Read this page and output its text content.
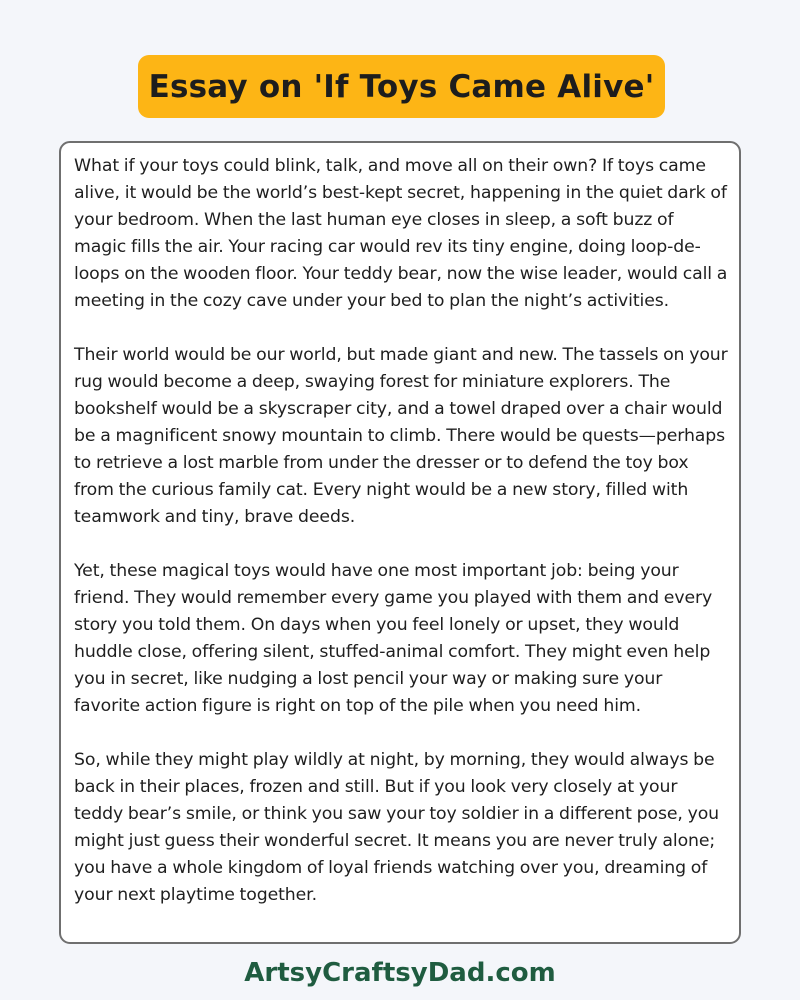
Essay on 'If Toys Came Alive'

What if your toys could blink, talk, and move all on their own? If toys came alive, it would be the world’s best-kept secret, happening in the quiet dark of your bedroom. When the last human eye closes in sleep, a soft buzz of magic fills the air. Your racing car would rev its tiny engine, doing loop-de-loops on the wooden floor. Your teddy bear, now the wise leader, would call a meeting in the cozy cave under your bed to plan the night’s activities.

Their world would be our world, but made giant and new. The tassels on your rug would become a deep, swaying forest for miniature explorers. The bookshelf would be a skyscraper city, and a towel draped over a chair would be a magnificent snowy mountain to climb. There would be quests—perhaps to retrieve a lost marble from under the dresser or to defend the toy box from the curious family cat. Every night would be a new story, filled with teamwork and tiny, brave deeds.

Yet, these magical toys would have one most important job: being your friend. They would remember every game you played with them and every story you told them. On days when you feel lonely or upset, they would huddle close, offering silent, stuffed-animal comfort. They might even help you in secret, like nudging a lost pencil your way or making sure your favorite action figure is right on top of the pile when you need him.

So, while they might play wildly at night, by morning, they would always be back in their places, frozen and still. But if you look very closely at your teddy bear’s smile, or think you saw your toy soldier in a different pose, you might just guess their wonderful secret. It means you are never truly alone; you have a whole kingdom of loyal friends watching over you, dreaming of your next playtime together.

ArtsyCraftsyDad.com
